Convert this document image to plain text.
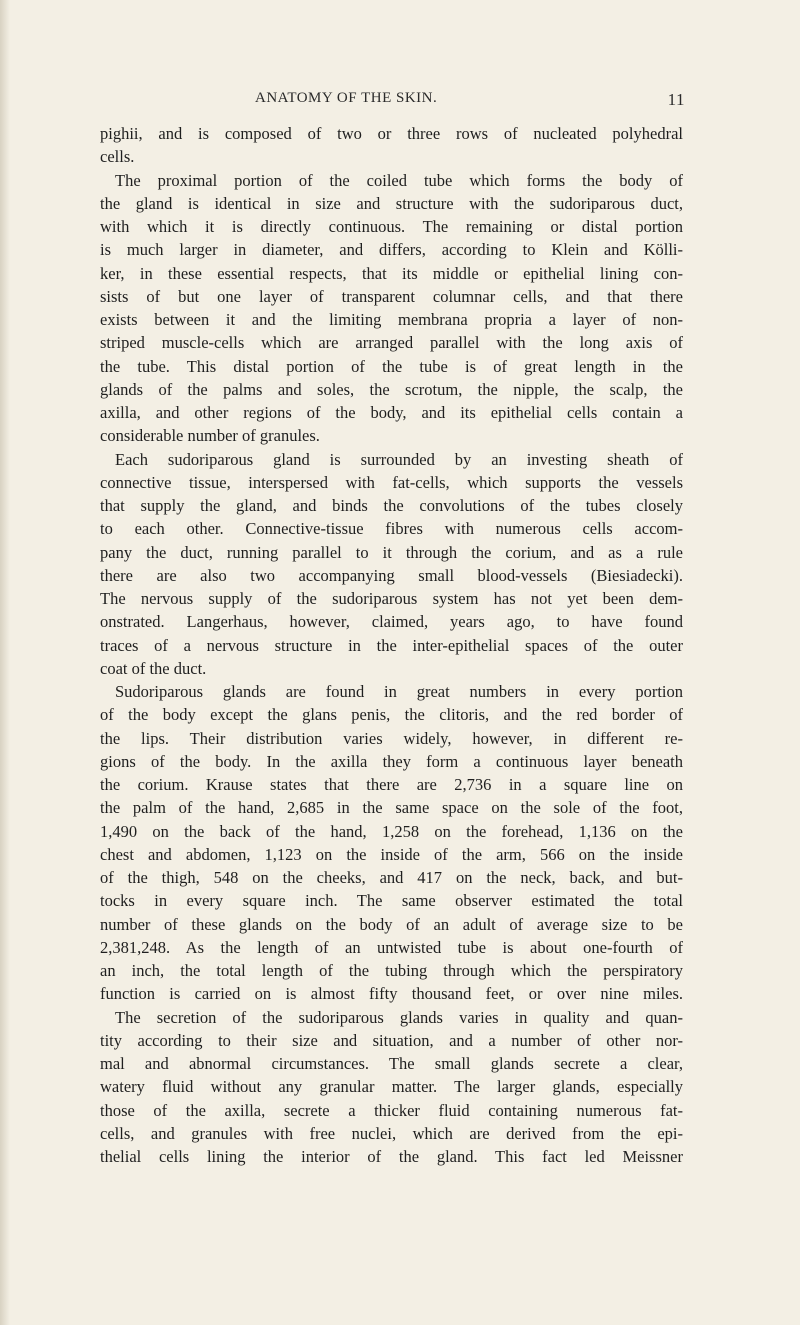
ANATOMY OF THE SKIN.	11
pighii, and is composed of two or three rows of nucleated polyhedral
cells.
The proximal portion of the coiled tube which forms the body of
the gland is identical in size and structure with the sudoriparous duct,
with which it is directly continuous. The remaining or distal portion
is much larger in diameter, and differs, according to Klein and Kölli-
ker, in these essential respects, that its middle or epithelial lining con-
sists of but one layer of transparent columnar cells, and that there
exists between it and the limiting membrana propria a layer of non-
striped muscle-cells which are arranged parallel with the long axis of
the tube. This distal portion of the tube is of great length in the
glands of the palms and soles, the scrotum, the nipple, the scalp, the
axilla, and other regions of the body, and its epithelial cells contain a
considerable number of granules.
Each sudoriparous gland is surrounded by an investing sheath of
connective tissue, interspersed with fat-cells, which supports the vessels
that supply the gland, and binds the convolutions of the tubes closely
to each other. Connective-tissue fibres with numerous cells accom-
pany the duct, running parallel to it through the corium, and as a rule
there are also two accompanying small blood-vessels (Biesiadecki).
The nervous supply of the sudoriparous system has not yet been dem-
onstrated. Langerhaus, however, claimed, years ago, to have found
traces of a nervous structure in the inter-epithelial spaces of the outer
coat of the duct.
Sudoriparous glands are found in great numbers in every portion
of the body except the glans penis, the clitoris, and the red border of
the lips. Their distribution varies widely, however, in different re-
gions of the body. In the axilla they form a continuous layer beneath
the corium. Krause states that there are 2,736 in a square line on
the palm of the hand, 2,685 in the same space on the sole of the foot,
1,490 on the back of the hand, 1,258 on the forehead, 1,136 on the
chest and abdomen, 1,123 on the inside of the arm, 566 on the inside
of the thigh, 548 on the cheeks, and 417 on the neck, back, and but-
tocks in every square inch. The same observer estimated the total
number of these glands on the body of an adult of average size to be
2,381,248. As the length of an untwisted tube is about one-fourth of
an inch, the total length of the tubing through which the perspiratory
function is carried on is almost fifty thousand feet, or over nine miles.
The secretion of the sudoriparous glands varies in quality and quan-
tity according to their size and situation, and a number of other nor-
mal and abnormal circumstances. The small glands secrete a clear,
watery fluid without any granular matter. The larger glands, especially
those of the axilla, secrete a thicker fluid containing numerous fat-
cells, and granules with free nuclei, which are derived from the epi-
thelial cells lining the interior of the gland. This fact led Meissner
